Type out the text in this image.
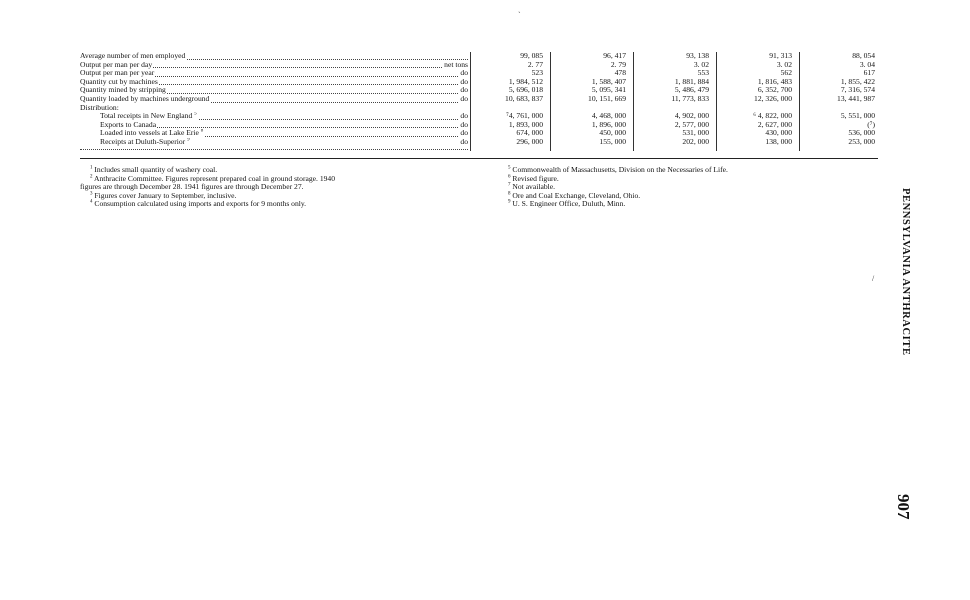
ˏ
Average number of men employed	99, 085	96, 417	93, 138	91, 313	88, 054

Output per man per day net tons	2. 77	2. 79	3. 02	3. 02	3. 04

Output per man per year do	523	478	553	562	617

Quantity cut by machines do	1, 984, 512	1, 588, 407	1, 881, 884	1, 816, 483	1, 855, 422

Quantity mined by stripping do	5, 696, 018	5, 095, 341	5, 486, 479	6, 352, 700	7, 316, 574

Quantity loaded by machines underground do	10, 683, 837	10, 151, 669	11, 773, 833	12, 326, 000	13, 441, 987
Distribution:					

Total receipts in New England $^5$ do	⁷4, 761, 000	4, 468, 000	4, 902, 000	⁶ 4, 822, 000	5, 551, 000

Exports to Canada do	1, 893, 000	1, 896, 000	2, 577, 000	2, 627, 000	(⁷)

Loaded into vessels at Lake Erie $^8$ do	674, 000	450, 000	531, 000	430, 000	536, 000

Receipts at Duluth-Superior $^9$ do	296, 000	155, 000	202, 000	138, 000	253, 000

$^1$ Includes small quantity of washery coal.

$^2$ Anthracite Committee. Figures represent prepared coal in ground storage. 1940

figures are through December 28. 1941 figures are through December 27.

$^3$ Figures cover January to September, inclusive.

$^4$ Consumption calculated using imports and exports for 9 months only.

$^5$ Commonwealth of Massachusetts, Division on the Necessaries of Life.

$^6$ Revised figure.

$^7$ Not available.

$^8$ Ore and Coal Exchange, Cleveland, Ohio.

$^9$ U. S. Engineer Office, Duluth, Minn.	PENNSYLVANIA ANTHRACITE
/
907
